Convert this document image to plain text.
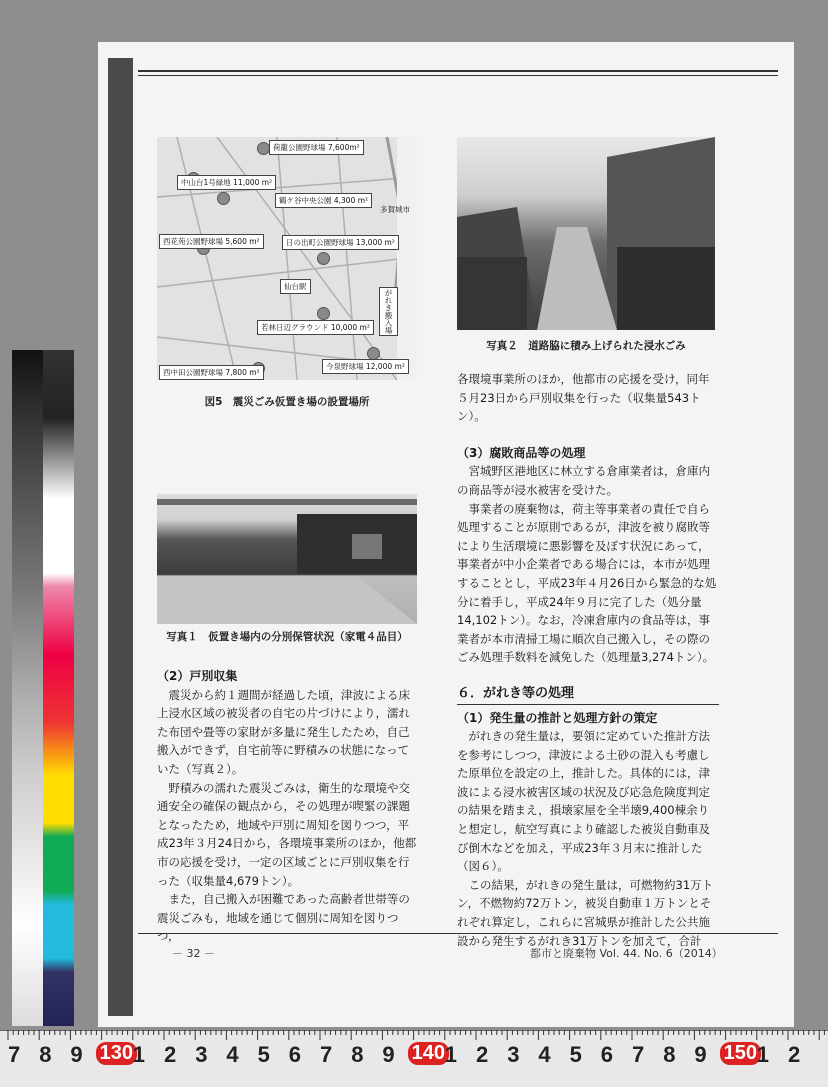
荷籠公園野球場 7,600m²
中山台1号緑地 11,000 m²
鶴ケ谷中央公園 4,300 m²
西花苑公園野球場 5,600 m²	日の出町公園野球場 13,000 m²
仙台駅
若林日辺グラウンド 10,000 m²
西中田公園野球場 7,800 m²
今泉野球場 12,000 m²
がれき搬入場
多賀城市
図5　震災ごみ仮置き場の設置場所
写真２　道路脇に積み上げられた浸水ごみ
写真１　仮置き場内の分別保管状況（家電４品目）
（2）戸別収集

震災から約１週間が経過した頃，津波による床上浸水区域の被災者の自宅の片づけにより，濡れた布団や畳等の家財が多量に発生したため，自己搬入ができず，自宅前等に野積みの状態になっていた（写真２）。

野積みの濡れた震災ごみは，衛生的な環境や交通安全の確保の観点から，その処理が喫緊の課題となったため，地域や戸別に周知を図りつつ，平成23年３月24日から，各環境事業所のほか，他都市の応援を受け，一定の区域ごとに戸別収集を行った（収集量4,679トン）。

また，自己搬入が困難であった高齢者世帯等の震災ごみも，地域を通じて個別に周知を図りつつ，

各環境事業所のほか，他都市の応援を受け，同年５月23日から戸別収集を行った（収集量543トン）。

（3）腐敗商品等の処理

宮城野区港地区に林立する倉庫業者は，倉庫内の商品等が浸水被害を受けた。

事業者の廃棄物は，荷主等事業者の責任で自ら処理することが原則であるが，津波を被り腐敗等により生活環境に悪影響を及ぼす状況にあって，事業者が中小企業者である場合には，本市が処理することとし，平成23年４月26日から緊急的な処分に着手し，平成24年９月に完了した（処分量14,102トン）。なお，冷凍倉庫内の食品等は，事業者が本市清掃工場に順次自己搬入し，その際のごみ処理手数料を減免した（処理量3,274トン）。

６．がれき等の処理
（1）発生量の推計と処理方針の策定

がれきの発生量は，要領に定めていた推計方法を参考にしつつ，津波による土砂の混入も考慮した原単位を設定の上，推計した。具体的には，津波による浸水被害区域の状況及び応急危険度判定の結果を踏まえ，損壊家屋を全半壊9,400棟余りと想定し，航空写真により確認した被災自動車及び倒木などを加え，平成23年３月末に推計した（図６）。

この結果，がれきの発生量は，可燃物約31万トン，不燃物約72万トン，被災自動車１万トンとそれぞれ算定し，これらに宮城県が推計した公共施設から発生するがれき31万トンを加えて，合計

－ 32 －	都市と廃棄物 Vol. 44. No. 6（2014）
7 8 9 130 1 2 3 4 5 6 7 8 9 140 1 2 3 4 5 6 7 8 9 150 1 2
